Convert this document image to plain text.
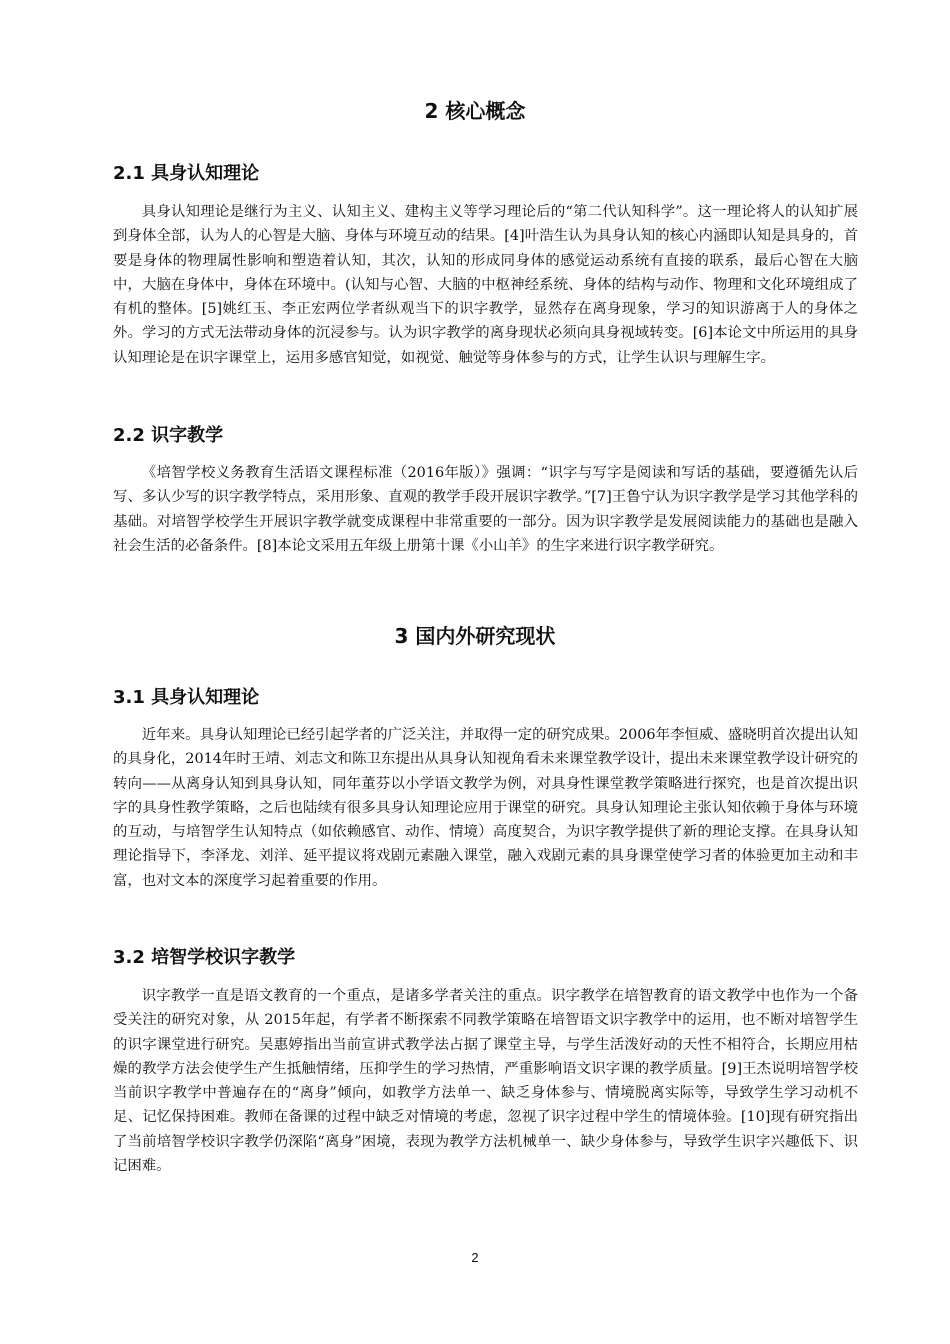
2 核心概念
2.1 具身认知理论

具身认知理论是继行为主义、认知主义、建构主义等学习理论后的“第二代认知科学”。这一理论将人的认知扩展到身体全部，认为人的心智是大脑、身体与环境互动的结果。[4]叶浩生认为具身认知的核心内涵即认知是具身的，首要是身体的物理属性影响和塑造着认知，其次，认知的形成同身体的感觉运动系统有直接的联系，最后心智在大脑中，大脑在身体中，身体在环境中。(认知与心智、大脑的中枢神经系统、身体的结构与动作、物理和文化环境组成了有机的整体。[5]姚红玉、李正宏两位学者纵观当下的识字教学，显然存在离身现象，学习的知识游离于人的身体之外。学习的方式无法带动身体的沉浸参与。认为识字教学的离身现状必须向具身视域转变。[6]本论文中所运用的具身认知理论是在识字课堂上，运用多感官知觉，如视觉、触觉等身体参与的方式，让学生认识与理解生字。

2.2 识字教学

《培智学校义务教育生活语文课程标准（2016年版）》强调：“识字与写字是阅读和写话的基础，要遵循先认后写、多认少写的识字教学特点，采用形象、直观的教学手段开展识字教学。”[7]王鲁宁认为识字教学是学习其他学科的基础。对培智学校学生开展识字教学就变成课程中非常重要的一部分。因为识字教学是发展阅读能力的基础也是融入社会生活的必备条件。[8]本论文采用五年级上册第十课《小山羊》的生字来进行识字教学研究。

3 国内外研究现状
3.1 具身认知理论

近年来。具身认知理论已经引起学者的广泛关注，并取得一定的研究成果。2006年李恒威、盛晓明首次提出认知的具身化，2014年时王靖、刘志文和陈卫东提出从具身认知视角看未来课堂教学设计，提出未来课堂教学设计研究的转向——从离身认知到具身认知，同年董芬以小学语文教学为例，对具身性课堂教学策略进行探究，也是首次提出识字的具身性教学策略，之后也陆续有很多具身认知理论应用于课堂的研究。具身认知理论主张认知依赖于身体与环境的互动，与培智学生认知特点（如依赖感官、动作、情境）高度契合，为识字教学提供了新的理论支撑。在具身认知理论指导下，李泽龙、刘洋、延平提议将戏剧元素融入课堂，融入戏剧元素的具身课堂使学习者的体验更加主动和丰富，也对文本的深度学习起着重要的作用。

3.2 培智学校识字教学

识字教学一直是语文教育的一个重点，是诸多学者关注的重点。识字教学在培智教育的语文教学中也作为一个备受关注的研究对象，从 2015年起，有学者不断探索不同教学策略在培智语文识字教学中的运用，也不断对培智学生的识字课堂进行研究。吴惠婷指出当前宣讲式教学法占据了课堂主导，与学生活泼好动的天性不相符合，长期应用枯燥的教学方法会使学生产生抵触情绪，压抑学生的学习热情，严重影响语文识字课的教学质量。[9]王杰说明培智学校当前识字教学中普遍存在的“离身”倾向，如教学方法单一、缺乏身体参与、情境脱离实际等，导致学生学习动机不足、记忆保持困难。教师在备课的过程中缺乏对情境的考虑，忽视了识字过程中学生的情境体验。[10]现有研究指出了当前培智学校识字教学仍深陷“离身”困境，表现为教学方法机械单一、缺少身体参与，导致学生识字兴趣低下、识记困难。

2
